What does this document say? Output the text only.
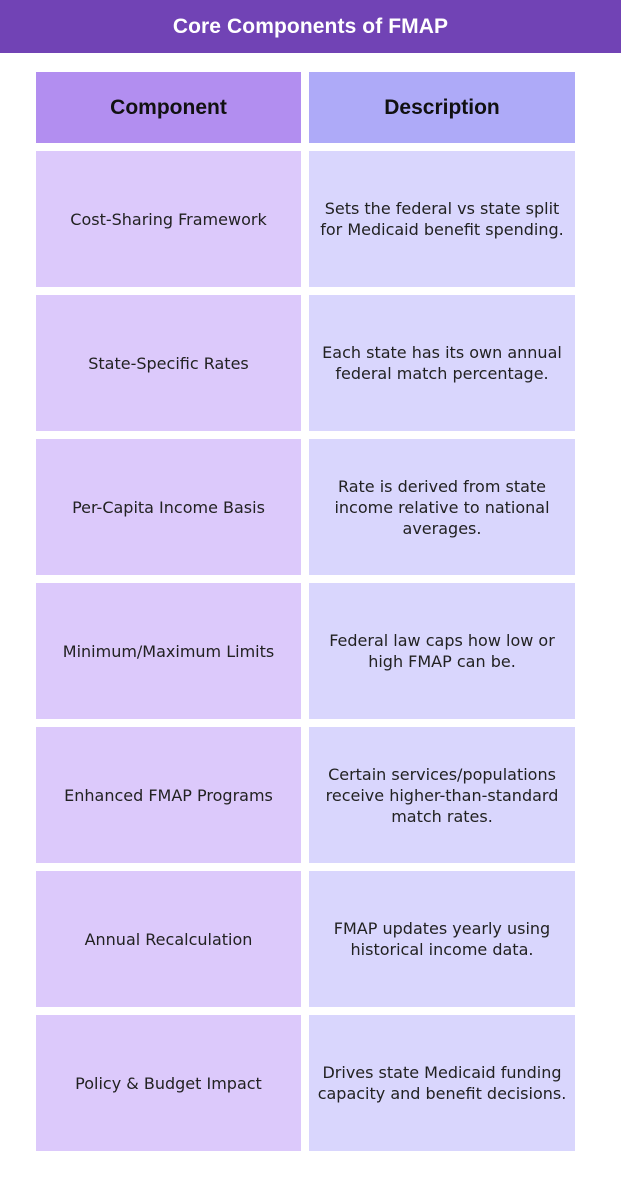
Core Components of FMAP
Component	Description
Cost-Sharing Framework
Sets the federal vs state split for Medicaid benefit spending.
State-Specific Rates
Each state has its own annual federal match percentage.
Per-Capita Income Basis
Rate is derived from state income relative to national averages.
Minimum/Maximum Limits
Federal law caps how low or high FMAP can be.
Enhanced FMAP Programs
Certain services/populations receive higher-than-standard match rates.
Annual Recalculation
FMAP updates yearly using historical income data.
Policy & Budget Impact
Drives state Medicaid funding capacity and benefit decisions.
